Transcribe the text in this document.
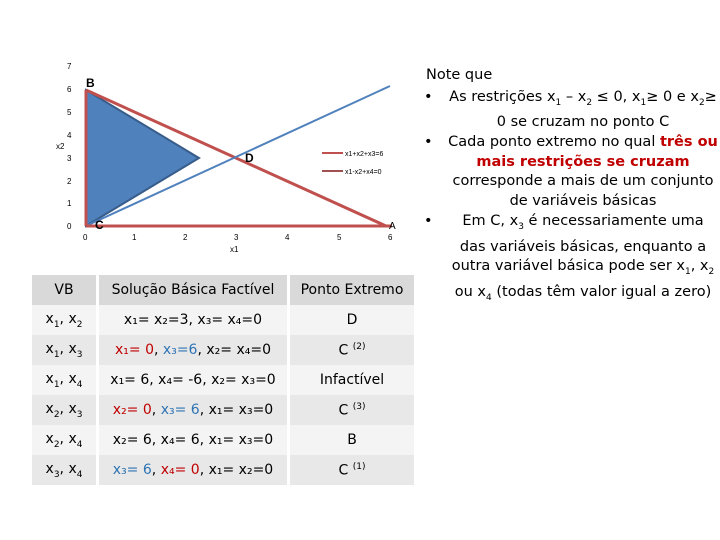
7
6
5
4
3
2
1
0
x2
x1+x2+x3=6
x1-x2+x4=0
B
C
D
A
0	1	2	3	4	5	6
x1
VB	Solução Básica Factível	Ponto Extremo
$x_1$, $x_2$	x₁= x₂=3, x₃= x₄=0	D
$x_1$, $x_3$	x₁= 0, x₃=6, x₂= x₄=0	C $^{(2)}$
$x_1$, $x_4$	x₁= 6, x₄= -6, x₂= x₃=0	Infactível
$x_2$, $x_3$	x₂= 0, x₃= 6, x₁= x₃=0	C $^{(3)}$
$x_2$, $x_4$	x₂= 6, x₄= 6, x₁= x₃=0	B
$x_3$, $x_4$	x₃= 6, x₄= 0, x₁= x₂=0	C $^{(1)}$
Note que
• As restrições $x_1 - x_2 \le 0$, $x_1\ge 0$ e $x_2\ge 0$ se cruzam no ponto C
• Cada ponto extremo no qual três ou mais restrições se cruzam corresponde a mais de um conjunto de variáveis básicas
• Em C, $x_3$ é necessariamente uma das variáveis básicas, enquanto a outra variável básica pode ser $x_1$, $x_2$ ou $x_4$ (todas têm valor igual a zero)
